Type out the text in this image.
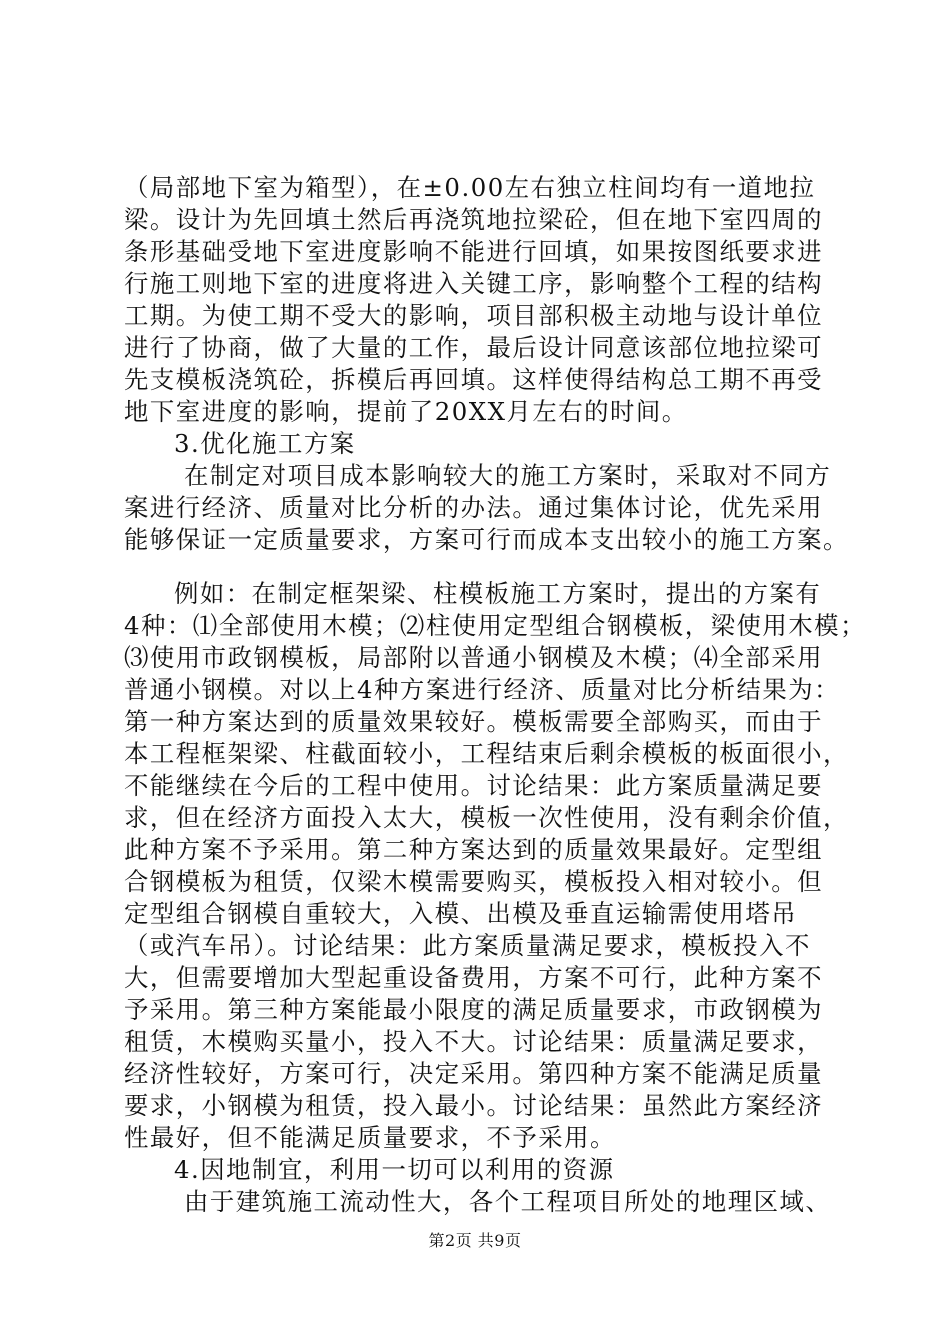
（局部地下室为箱型），在±0.00左右独立柱间均有一道地拉
梁。设计为先回填土然后再浇筑地拉梁砼，但在地下室四周的
条形基础受地下室进度影响不能进行回填，如果按图纸要求进
行施工则地下室的进度将进入关键工序，影响整个工程的结构
工期。为使工期不受大的影响，项目部积极主动地与设计单位
进行了协商，做了大量的工作，最后设计同意该部位地拉梁可
先支模板浇筑砼，拆模后再回填。这样使得结构总工期不再受
地下室进度的影响，提前了20XX月左右的时间。
3.优化施工方案
在制定对项目成本影响较大的施工方案时，采取对不同方
案进行经济、质量对比分析的办法。通过集体讨论，优先采用
能够保证一定质量要求，方案可行而成本支出较小的施工方案。
例如：在制定框架梁、柱模板施工方案时，提出的方案有
4种：⑴全部使用木模；⑵柱使用定型组合钢模板，梁使用木模；
⑶使用市政钢模板，局部附以普通小钢模及木模；⑷全部采用
普通小钢模。对以上4种方案进行经济、质量对比分析结果为：
第一种方案达到的质量效果较好。模板需要全部购买，而由于
本工程框架梁、柱截面较小，工程结束后剩余模板的板面很小，
不能继续在今后的工程中使用。讨论结果：此方案质量满足要
求，但在经济方面投入太大，模板一次性使用，没有剩余价值，
此种方案不予采用。第二种方案达到的质量效果最好。定型组
合钢模板为租赁，仅梁木模需要购买，模板投入相对较小。但
定型组合钢模自重较大，入模、出模及垂直运输需使用塔吊
（或汽车吊）。讨论结果：此方案质量满足要求，模板投入不
大，但需要增加大型起重设备费用，方案不可行，此种方案不
予采用。第三种方案能最小限度的满足质量要求，市政钢模为
租赁，木模购买量小，投入不大。讨论结果：质量满足要求，
经济性较好，方案可行，决定采用。第四种方案不能满足质量
要求，小钢模为租赁，投入最小。讨论结果：虽然此方案经济
性最好，但不能满足质量要求，不予采用。
4.因地制宜，利用一切可以利用的资源
由于建筑施工流动性大，各个工程项目所处的地理区域、
第2页 共9页
